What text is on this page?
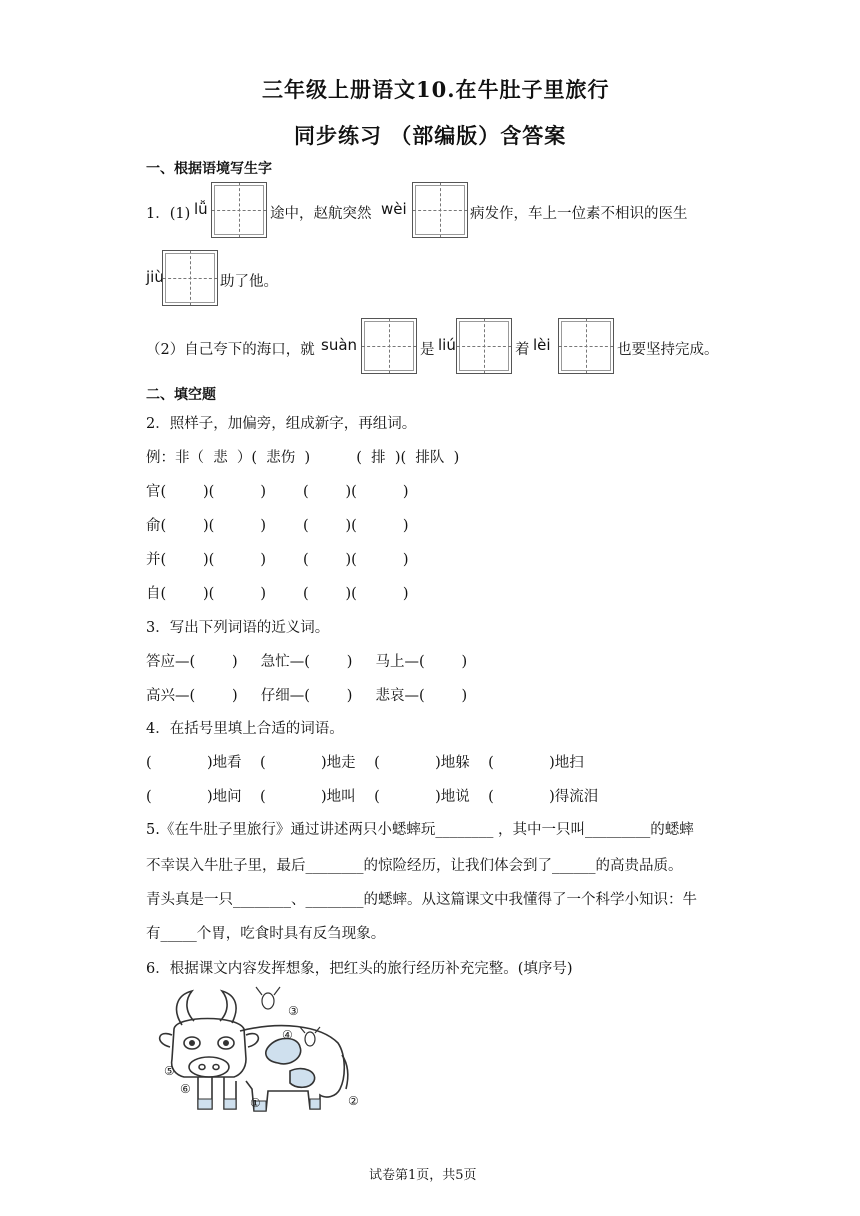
三年级上册语文10.在牛肚子里旅行
同步练习 （部编版）含答案
一、根据语境写生字
1．(1) lǚ	途中，赵航突然 wèi	病发作，车上一位素不相识的医生
jiù	助了他。
（2）自己夸下的海口，就 suàn	是 liú	着 lèi	也要坚持完成。
二、填空题
2．照样子，加偏旁，组成新字，再组词。
例：非（  悲  ）(  悲伤  )          (  排  )(  排队  )
官(        )(          )        (        )(          )
俞(        )(          )        (        )(          )
并(        )(          )        (        )(          )
自(        )(          )        (        )(          )
3．写出下列词语的近义词。
答应—(        )     急忙—(        )     马上—(        )
高兴—(        )     仔细—(        )     悲哀—(        )
4．在括号里填上合适的词语。
(            )地看    (            )地走    (            )地躲    (            )地扫
(            )地问    (            )地叫    (            )地说    (            )得流泪
5.《在牛肚子里旅行》通过讲述两只小蟋蟀玩________ ，其中一只叫_________的蟋蟀
不幸误入牛肚子里，最后________的惊险经历，让我们体会到了______的高贵品质。
青头真是一只________、________的蟋蟀。从这篇课文中我懂得了一个科学小知识：牛
有_____个胃，吃食时具有反刍现象。
6．根据课文内容发挥想象，把红头的旅行经历补充完整。(填序号)
①	②
③
④
⑤
⑥
试卷第1页，共5页
